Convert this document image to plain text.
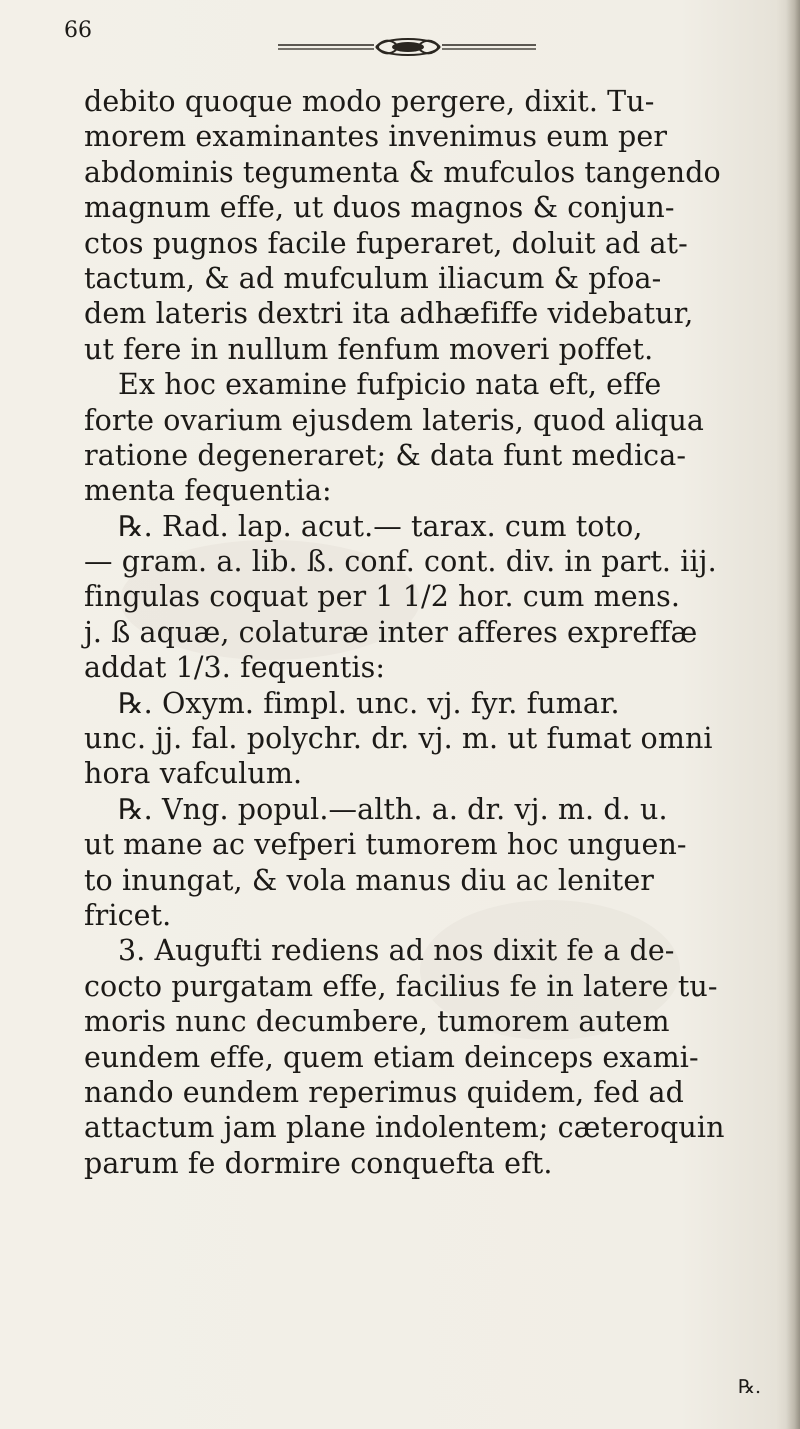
66
debito quoque modo pergere, dixit. Tu-
morem examinantes invenimus eum per
abdominis tegumenta & mufculos tangendo
magnum effe, ut duos magnos & conjun-
ctos pugnos facile fuperaret, doluit ad at-
tactum, & ad mufculum iliacum & pfoa-
dem lateris dextri ita adhæfiffe videbatur,
ut fere in nullum fenfum moveri poffet.
Ex hoc examine fufpicio nata eft, effe
forte ovarium ejusdem lateris, quod aliqua
ratione degeneraret; & data funt medica-
menta fequentia:
℞. Rad. lap. acut.— tarax. cum toto,
— gram. a. lib. ß. conf. cont. div. in part. iij.
fingulas coquat per 1 1/2 hor. cum mens.
j. ß aquæ, colaturæ inter afferes expreffæ
addat 1/3. fequentis:
℞. Oxym. fimpl. unc. vj. fyr. fumar.
unc. jj. fal. polychr. dr. vj. m. ut fumat omni
hora vafculum.
℞. Vng. popul.—alth. a. dr. vj. m. d. u.
ut mane ac vefperi tumorem hoc unguen-
to inungat, & vola manus diu ac leniter
fricet.
3. Augufti rediens ad nos dixit fe a de-
cocto purgatam effe, facilius fe in latere tu-
moris nunc decumbere, tumorem autem
eundem effe, quem etiam deinceps exami-
nando eundem reperimus quidem, fed ad
attactum jam plane indolentem; cæteroquin
parum fe dormire conquefta eft.
℞.
